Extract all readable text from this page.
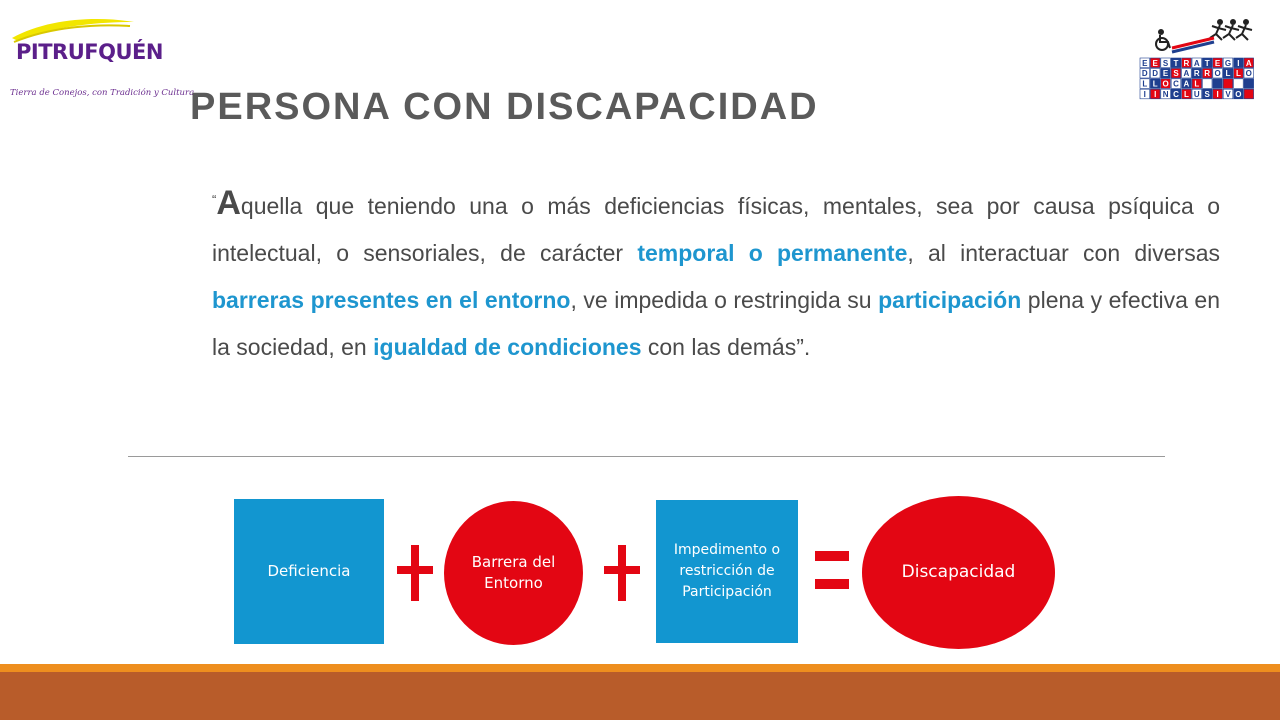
PITRUFQUÉN
Tierra de Conejos, con Tradición y Cultura
E S T R A T E G I A
E
D E S A R R O L L O
D
L O C A L
L
I N C L U S I V O
I
PERSONA CON DISCAPACIDAD
“Aquella que teniendo una o más deficiencias físicas, mentales, sea por causa psíquica o intelectual, o sensoriales, de carácter temporal o permanente, al interactuar con diversas barreras presentes en el entorno, ve impedida o restringida su participación plena y efectiva en la sociedad, en igualdad de condiciones con las demás”.
Deficiencia	Barrera del Entorno
Impedimento o restricción de Participación
Discapacidad
